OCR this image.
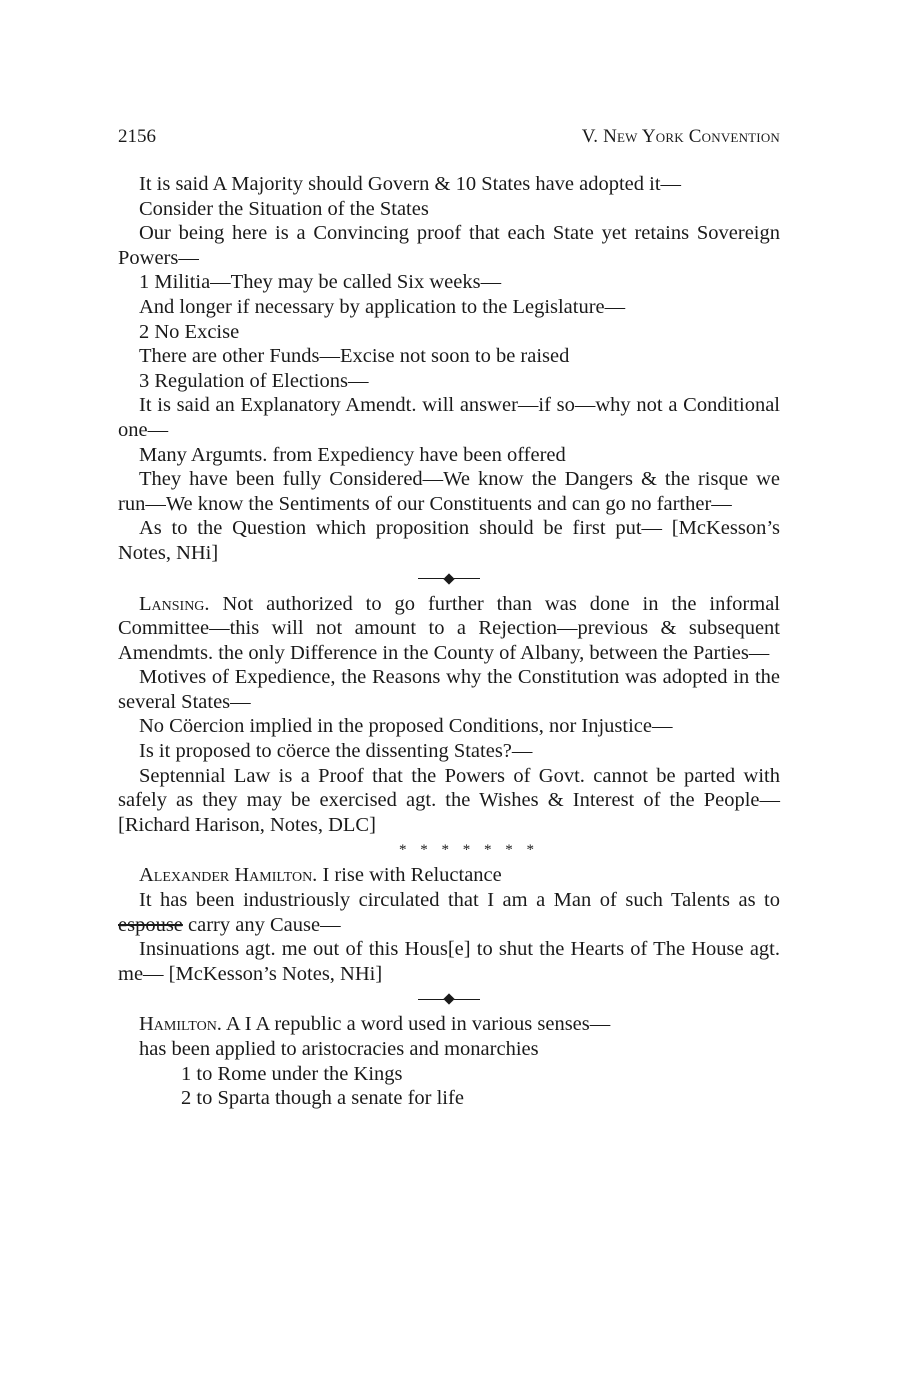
2156	V. New York Convention

It is said A Majority should Govern & 10 States have adopted it—

Consider the Situation of the States

Our being here is a Convincing proof that each State yet retains Sovereign Powers—

1 Militia—They may be called Six weeks—

And longer if necessary by application to the Legislature—

2 No Excise

There are other Funds—Excise not soon to be raised

3 Regulation of Elections—

It is said an Explanatory Amendt. will answer—if so—why not a Conditional one—

Many Argumts. from Expediency have been offered

They have been fully Considered—We know the Dangers & the risque we run—We know the Sentiments of our Constituents and can go no farther—

As to the Question which proposition should be first put— [McKesson’s Notes, NHi]

Lansing. Not authorized to go further than was done in the informal Committee—this will not amount to a Rejection—previous & subsequent Amendmts. the only Difference in the County of Albany, between the Parties—

Motives of Expedience, the Reasons why the Constitution was adopted in the several States—

No Cöercion implied in the proposed Conditions, nor Injustice—

Is it proposed to cöerce the dissenting States?—

Septennial Law is a Proof that the Powers of Govt. cannot be parted with safely as they may be exercised agt. the Wishes & Interest of the People— [Richard Harison, Notes, DLC]

* * * * * * *

Alexander Hamilton. I rise with Reluctance

It has been industriously circulated that I am a Man of such Talents as to espouse carry any Cause—

Insinuations agt. me out of this Hous[e] to shut the Hearts of The House agt. me— [McKesson’s Notes, NHi]

Hamilton. A I A republic a word used in various senses—

has been applied to aristocracies and monarchies

1 to Rome under the Kings

2 to Sparta though a senate for life
